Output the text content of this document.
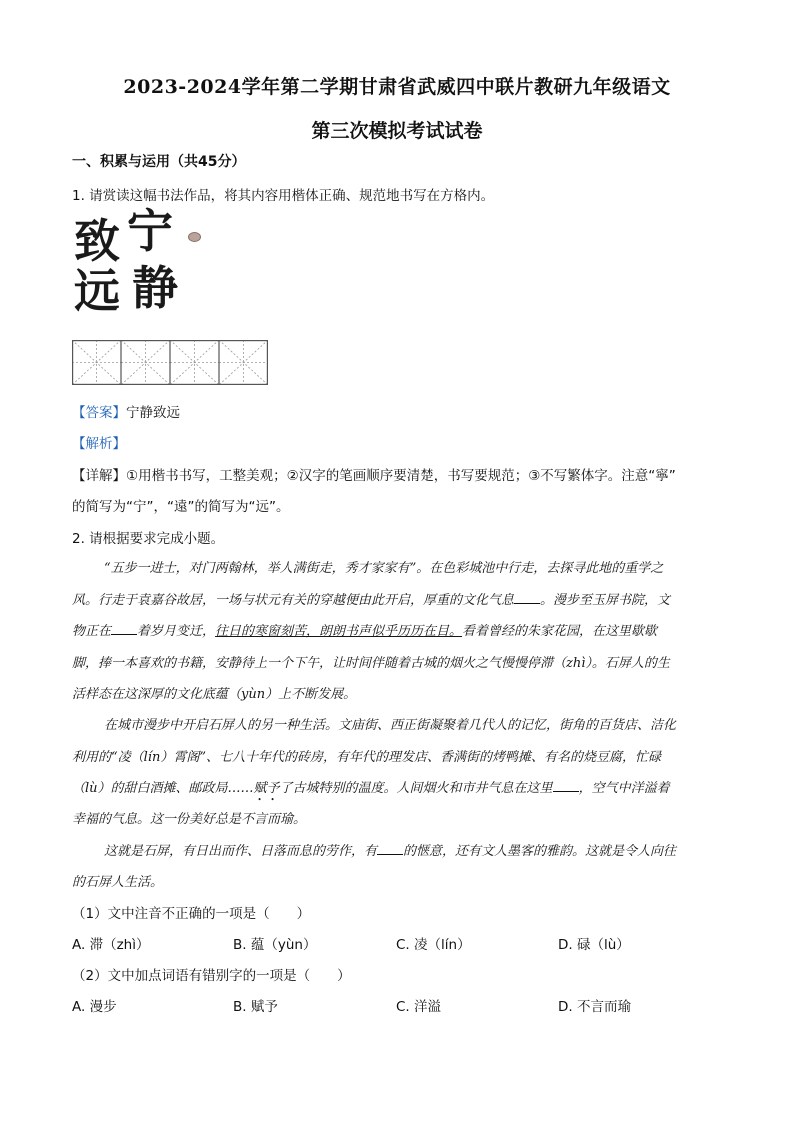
2023-2024学年第二学期甘肃省武威四中联片教研九年级语文
第三次模拟考试试卷
一、积累与运用（共45分）
1. 请赏读这幅书法作品，将其内容用楷体正确、规范地书写在方格内。
宁
致
静
远
【答案】宁静致远
【解析】
【详解】①用楷书书写，工整美观；②汉字的笔画顺序要清楚，书写要规范；③不写繁体字。注意“寧”
的简写为“宁”，“遠”的简写为“远”。
2. 请根据要求完成小题。
“五步一进士，对门两翰林，举人满街走，秀才家家有”。在色彩城池中行走，去探寻此地的重学之
风。行走于袁嘉谷故居，一场与状元有关的穿越便由此开启，厚重的文化气息 。漫步至玉屏书院，文
物正在 着岁月变迁，往日的寒窗刻苦，朗朗书声似乎历历在目。看着曾经的朱家花园，在这里歇歇
脚，捧一本喜欢的书籍，安静待上一个下午，让时间伴随着古城的烟火之气慢慢停滞（zhì）。石屏人的生
活样态在这深厚的文化底蕴（yùn）上不断发展。
在城市漫步中开启石屏人的另一种生活。文庙街、西正街凝聚着几代人的记忆，街角的百货店、洁化
利用的“凌（lín）霄阁”、七八十年代的砖房，有年代的理发店、香满街的烤鸭摊、有名的烧豆腐，忙碌
（lù）的甜白酒摊、邮政局……赋予了古城特别的温度。人间烟火和市井气息在这里 ，空气中洋溢着
幸福的气息。这一份美好总是不言而瑜。
这就是石屏，有日出而作、日落而息的劳作，有 的惬意，还有文人墨客的雅韵。这就是令人向往
的石屏人生活。
（1）文中注音不正确的一项是（　　）
A. 滞（zhì）	B. 蕴（yùn）	C. 凌（lín）	D. 碌（lù）
（2）文中加点词语有错别字的一项是（　　）
A. 漫步	B. 赋予	C. 洋溢	D. 不言而瑜
